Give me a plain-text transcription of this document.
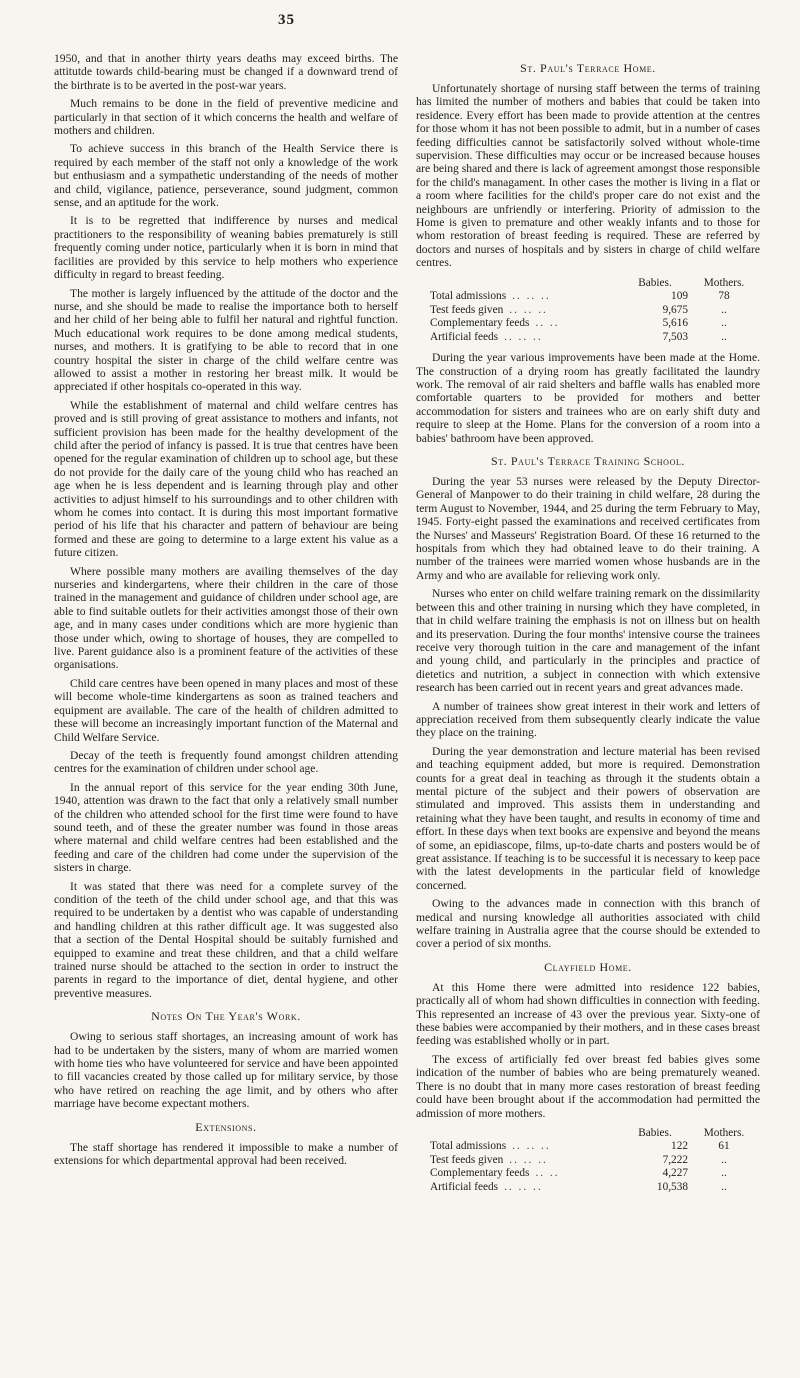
35

1950, and that in another thirty years deaths may exceed births. The attitutde towards child-bearing must be changed if a downward trend of the birthrate is to be averted in the post-war years.

Much remains to be done in the field of preventive medicine and particularly in that section of it which concerns the health and welfare of mothers and children.

To achieve success in this branch of the Health Service there is required by each member of the staff not only a knowledge of the work but enthusiasm and a sympathetic understanding of the needs of mother and child, vigilance, patience, perseverance, sound judgment, common sense, and an aptitude for the work.

It is to be regretted that indifference by nurses and medical practitioners to the responsibility of weaning babies prematurely is still frequently coming under notice, particularly when it is born in mind that facilities are provided by this service to help mothers who experience difficulty in regard to breast feeding.

The mother is largely influenced by the attitude of the doctor and the nurse, and she should be made to realise the importance both to herself and her child of her being able to fulfil her natural and rightful function. Much educational work requires to be done among medical students, nurses, and mothers. It is gratifying to be able to record that in one country hospital the sister in charge of the child welfare centre was allowed to assist a mother in restoring her breast milk. It would be appreciated if other hospitals co-operated in this way.

While the establishment of maternal and child welfare centres has proved and is still proving of great assistance to mothers and infants, not sufficient provision has been made for the healthy development of the child after the period of infancy is passed. It is true that centres have been opened for the regular examination of children up to school age, but these do not provide for the daily care of the young child who has reached an age when he is less dependent and is learning through play and other activities to adjust himself to his surroundings and to other children with whom he comes into contact. It is during this most important formative period of his life that his character and pattern of behaviour are being formed and these are going to determine to a large extent his value as a future citizen.

Where possible many mothers are availing themselves of the day nurseries and kindergartens, where their children in the care of those trained in the management and guidance of children under school age, are able to find suitable outlets for their activities amongst those of their own age, and in many cases under conditions which are more hygienic than those under which, owing to shortage of houses, they are compelled to live. Parent guidance also is a prominent feature of the activities of these organisations.

Child care centres have been opened in many places and most of these will become whole-time kindergartens as soon as trained teachers and equipment are available. The care of the health of children admitted to these will become an increasingly important function of the Maternal and Child Welfare Service.

Decay of the teeth is frequently found amongst children attending centres for the examination of children under school age.

In the annual report of this service for the year ending 30th June, 1940, attention was drawn to the fact that only a relatively small number of the children who attended school for the first time were found to have sound teeth, and of these the greater number was found in those areas where maternal and child welfare centres had been established and the feeding and care of the children had come under the supervision of the sisters in charge.

It was stated that there was need for a complete survey of the condition of the teeth of the child under school age, and that this was required to be undertaken by a dentist who was capable of understanding and handling children at this rather difficult age. It was suggested also that a section of the Dental Hospital should be suitably furnished and equipped to examine and treat these children, and that a child welfare trained nurse should be attached to the section in order to instruct the parents in regard to the importance of diet, dental hygiene, and other preventive measures.

Notes On The Year's Work.

Owing to serious staff shortages, an increasing amount of work has had to be undertaken by the sisters, many of whom are married women with home ties who have volunteered for service and have been appointed to fill vacancies created by those called up for military service, by those who have retired on reaching the age limit, and by others who after marriage have become expectant mothers.

Extensions.

The staff shortage has rendered it impossible to make a number of extensions for which departmental approval had been received.

St. Paul's Terrace Home.

Unfortunately shortage of nursing staff between the terms of training has limited the number of mothers and babies that could be taken into residence. Every effort has been made to provide attention at the centres for those whom it has not been possible to admit, but in a number of cases feeding difficulties cannot be satisfactorily solved without whole-time supervision. These difficulties may occur or be increased because houses are being shared and there is lack of agreement amongst those responsible for the child's managament. In other cases the mother is living in a flat or a room where facilities for the child's proper care do not exist and the neighbours are unfriendly or interfering. Priority of admission to the Home is given to premature and other weakly infants and to those for whom restoration of breast feeding is required. These are referred by doctors and nurses of hospitals and by sisters in charge of child welfare centres.

Babies.	Mothers.
Total admissions .. .. ..	109	78
Test feeds given .. .. ..	9,675	..
Complementary feeds .. ..	5,616	..
Artificial feeds .. .. ..	7,503	..

During the year various improvements have been made at the Home. The construction of a drying room has greatly facilitated the laundry work. The removal of air raid shelters and baffle walls has enabled more comfortable quarters to be provided for mothers and better accommodation for sisters and trainees who are on early shift duty and require to sleep at the Home. Plans for the conversion of a room into a babies' bathroom have been approved.

St. Paul's Terrace Training School.

During the year 53 nurses were released by the Deputy Director-General of Manpower to do their training in child welfare, 28 during the term August to November, 1944, and 25 during the term February to May, 1945. Forty-eight passed the examinations and received certificates from the Nurses' and Masseurs' Registration Board. Of these 16 returned to the hospitals from which they had obtained leave to do their training. A number of the trainees were married women whose husbands are in the Army and who are available for relieving work only.

Nurses who enter on child welfare training remark on the dissimilarity between this and other training in nursing which they have completed, in that in child welfare training the emphasis is not on illness but on health and its preservation. During the four months' intensive course the trainees receive very thorough tuition in the care and management of the infant and young child, and particularly in the principles and practice of dietetics and nutrition, a subject in connection with which extensive research has been carried out in recent years and great advances made.

A number of trainees show great interest in their work and letters of appreciation received from them subsequently clearly indicate the value they place on the training.

During the year demonstration and lecture material has been revised and teaching equipment added, but more is required. Demonstration counts for a great deal in teaching as through it the students obtain a mental picture of the subject and their powers of observation are stimulated and improved. This assists them in understanding and retaining what they have been taught, and results in economy of time and effort. In these days when text books are expensive and beyond the means of some, an epidiascope, films, up-to-date charts and posters would be of great assistance. If teaching is to be successful it is necessary to keep pace with the latest developments in the particular field of knowledge concerned.

Owing to the advances made in connection with this branch of medical and nursing knowledge all authorities associated with child welfare training in Australia agree that the course should be extended to cover a period of six months.

Clayfield Home.

At this Home there were admitted into residence 122 babies, practically all of whom had shown difficulties in connection with feeding. This represented an increase of 43 over the previous year. Sixty-one of these babies were accompanied by their mothers, and in these cases breast feeding was established wholly or in part.

The excess of artificially fed over breast fed babies gives some indication of the number of babies who are being prematurely weaned. There is no doubt that in many more cases restoration of breast feeding could have been brought about if the accommodation had permitted the admission of more mothers.

Babies.	Mothers.
Total admissions .. .. ..	122	61
Test feeds given .. .. ..	7,222	..
Complementary feeds .. ..	4,227	..
Artificial feeds .. .. ..	10,538	..
